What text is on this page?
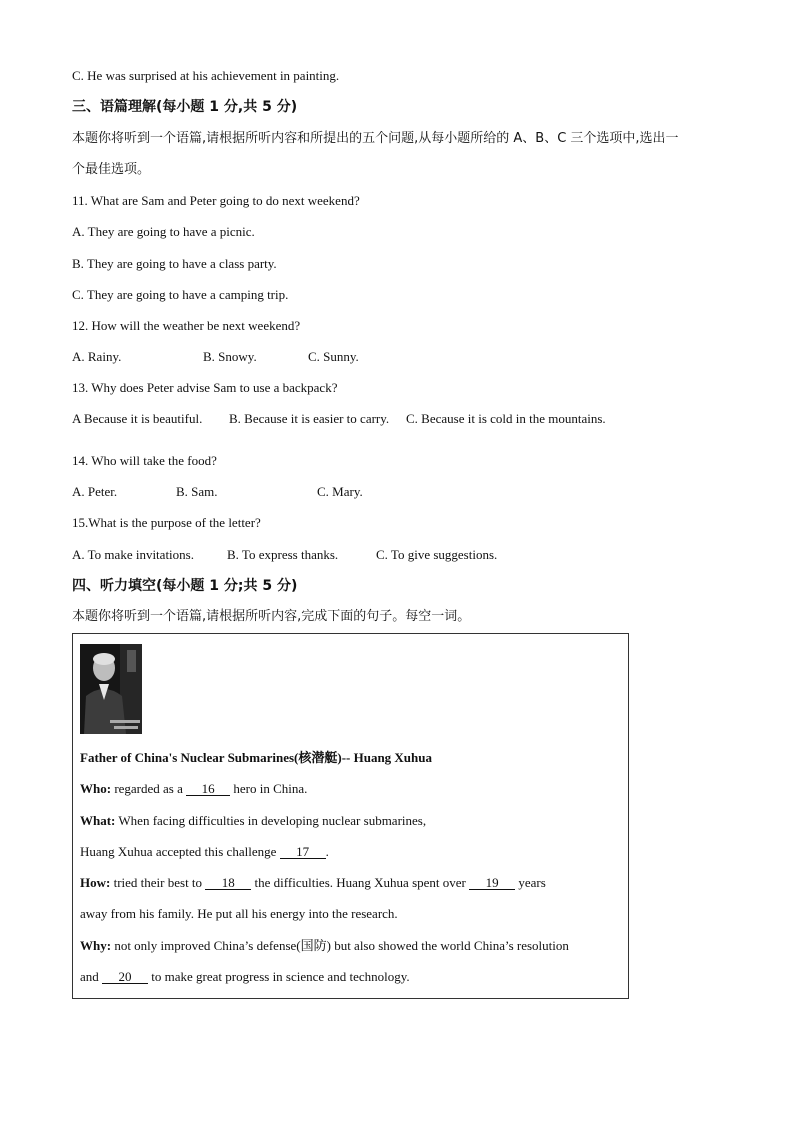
C. He was surprised at his achievement in painting.
三、语篇理解(每小题 1 分,共 5 分)
本题你将听到一个语篇,请根据所听内容和所提出的五个问题,从每小题所给的 A、B、C 三个选项中,选出一
个最佳选项。
11. What are Sam and Peter going to do next weekend?
A. They are going to have a picnic.
B. They are going to have a class party.
C. They are going to have a camping trip.
12. How will the weather be next weekend?
A. Rainy.	B. Snowy.	C. Sunny.
13. Why does Peter advise Sam to use a backpack?
A Because it is beautiful. B. Because it is easier to carry. C. Because it is cold in the mountains.
14. Who will take the food?
A. Peter.	B. Sam.	C. Mary.
15.What is the purpose of the letter?
A. To make invitations.	B. To express thanks.	C. To give suggestions.
四、听力填空(每小题 1 分;共 5 分)
本题你将听到一个语篇,请根据所听内容,完成下面的句子。每空一词。
Father of China's Nuclear Submarines(核潜艇)-- Huang Xuhua
Who: regarded as a 16 hero in China.
What: When facing difficulties in developing nuclear submarines,
Huang Xuhua accepted this challenge 17 .
How: tried their best to 18 the difficulties. Huang Xuhua spent over 19 years
away from his family. He put all his energy into the research.
Why: not only improved China’s defense(国防) but also showed the world China’s resolution
and 20 to make great progress in science and technology.
